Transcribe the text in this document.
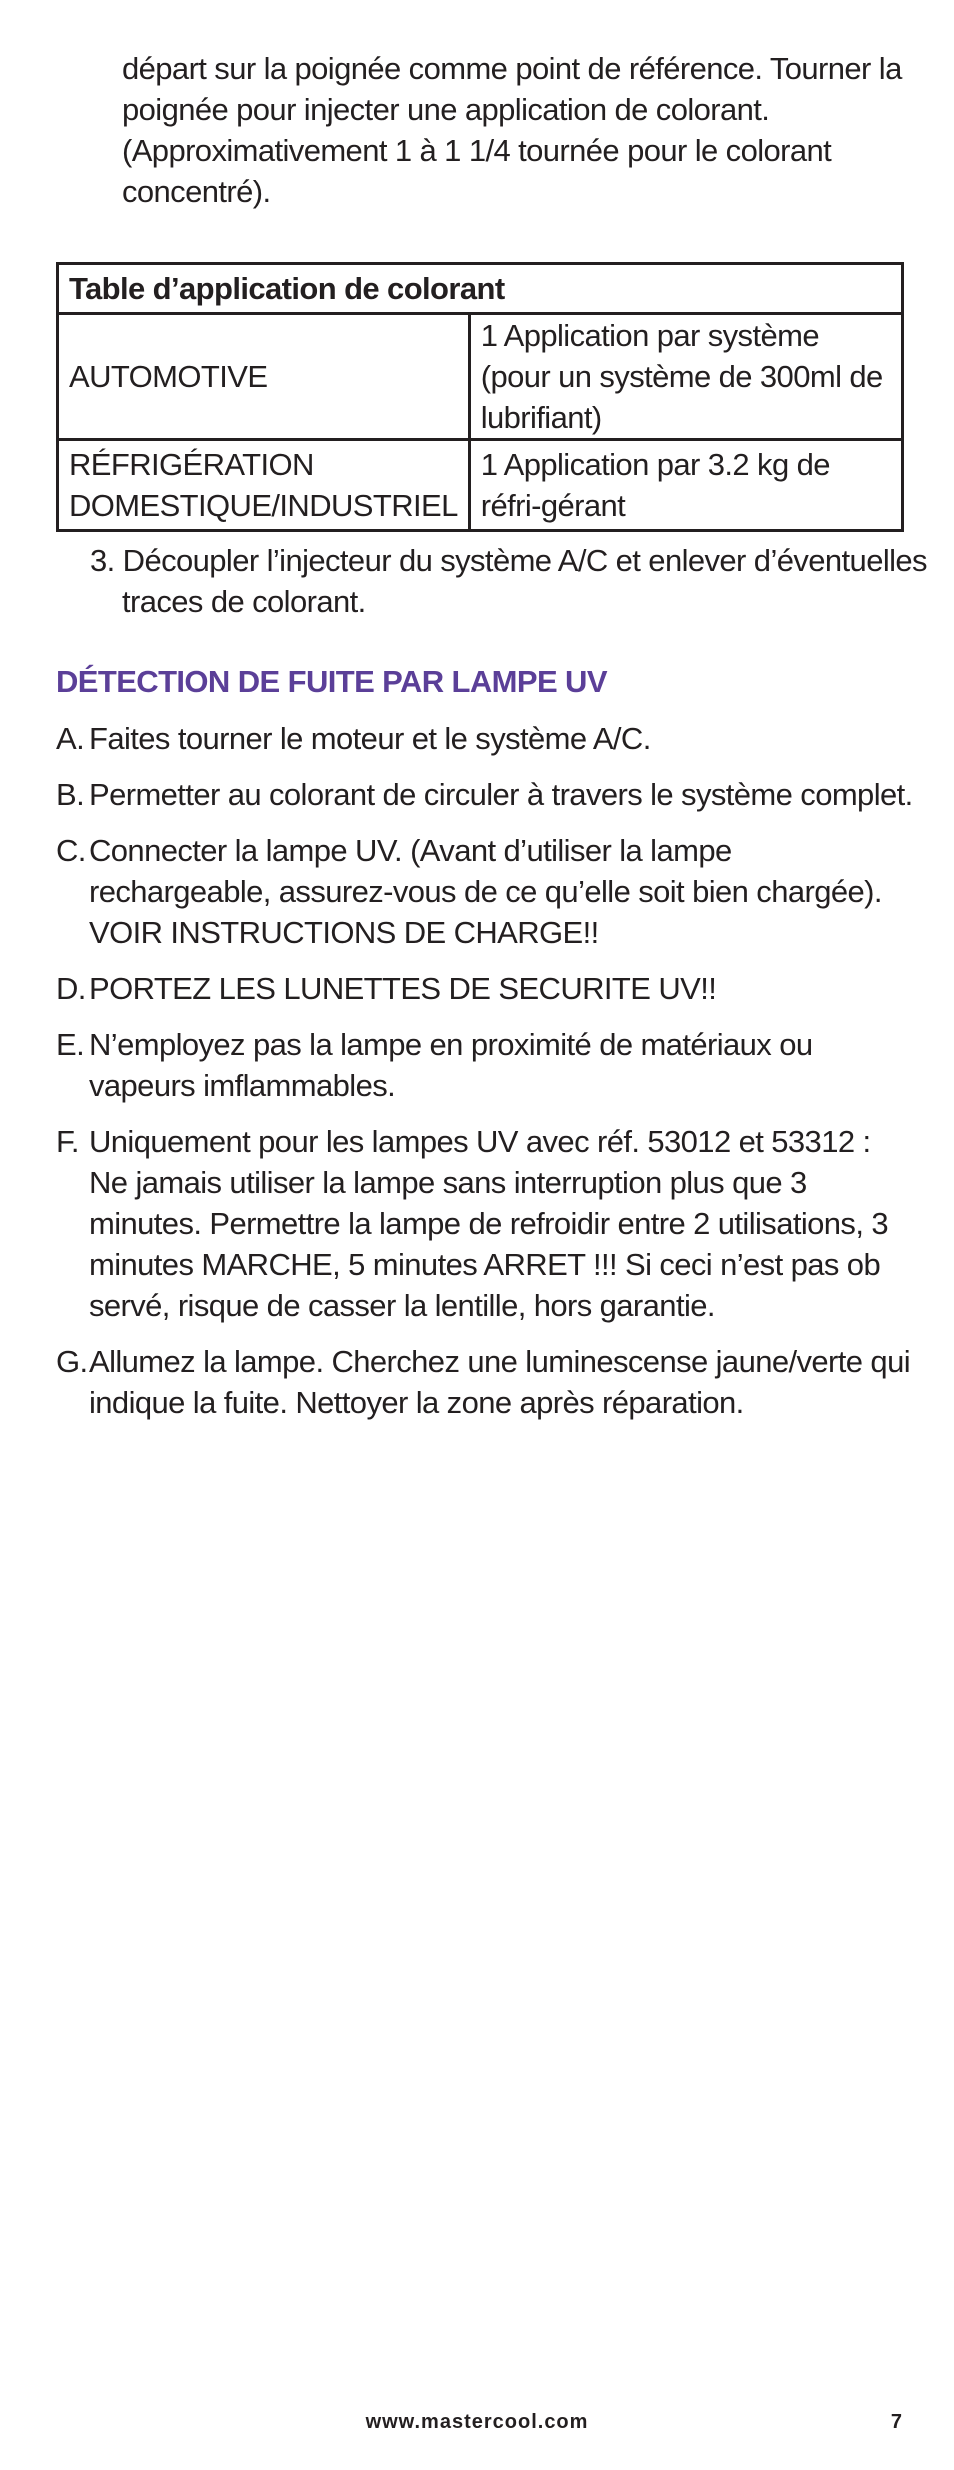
départ sur la poignée comme point de référence. Tourner la poignée pour injecter une application de colorant. (Approximativement 1 à 1 1/4 tournée pour le colorant concentré).

Table d’application de colorant	
AUTOMOTIVE	1 Application par système (pour un système de 300ml de lubrifiant)
RÉFRIGÉRATION DOMESTIQUE/INDUSTRIEL	1 Application par 3.2 kg de réfri-gérant

3. Découpler l’injecteur du système A/C et enlever d’éventuelles traces de colorant.

DÉTECTION DE FUITE PAR LAMPE UV
A. Faites tourner le moteur et le système A/C.
B. Permetter au colorant de circuler à travers le système complet.
C. Connecter la lampe UV. (Avant d’utiliser la lampe rechargeable, assurez-vous de ce qu’elle soit bien chargée). VOIR INSTRUCTIONS DE CHARGE!!
D. PORTEZ LES LUNETTES DE SECURITE UV!!
E. N’employez pas la lampe en proximité de matériaux ou vapeurs imflammables.
F. Uniquement pour les lampes UV avec réf. 53012 et 53312 : Ne jamais utiliser la lampe sans interruption plus que 3 minutes. Permettre la lampe de refroidir entre 2 utilisations, 3 minutes MARCHE, 5 minutes ARRET !!! Si ceci n’est pas ob servé, risque de casser la lentille, hors garantie.
G. Allumez la lampe. Cherchez une luminescense jaune/verte qui indique la fuite. Nettoyer la zone après réparation.
www.mastercool.com	7
